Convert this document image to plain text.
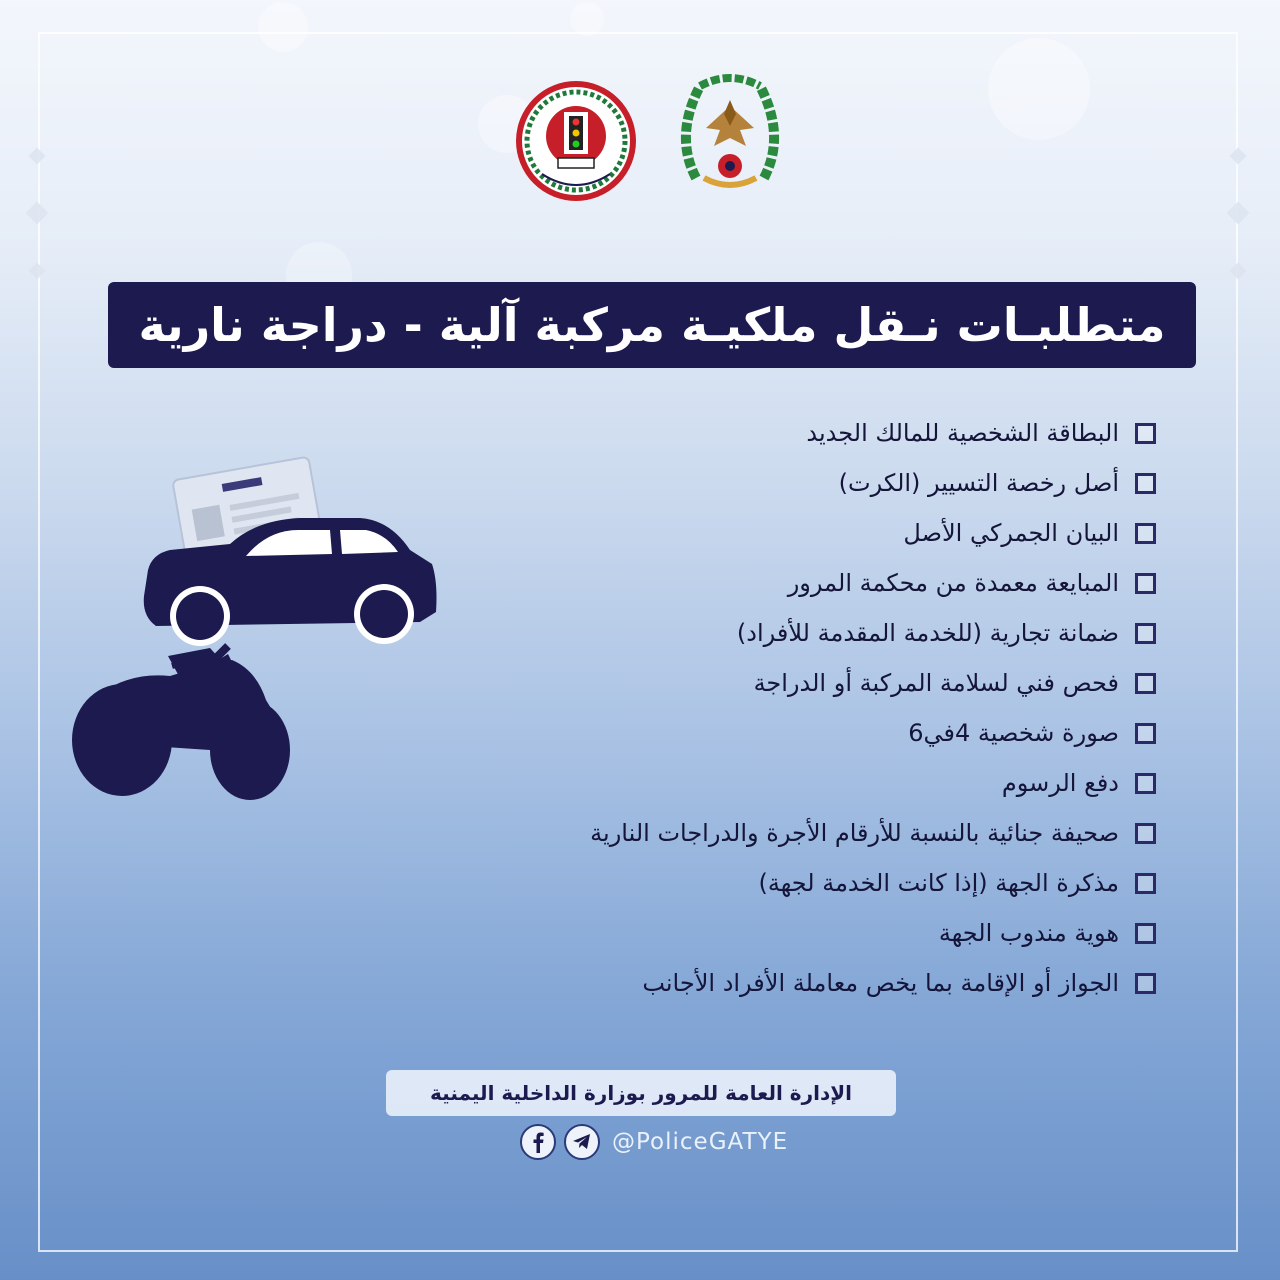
متطلبـات نـقل ملكيـة مركبة آلية - دراجة نارية
البطاقة الشخصية للمالك الجديد
أصل رخصة التسيير (الكرت)
البيان الجمركي الأصل
المبايعة معمدة من محكمة المرور
ضمانة تجارية (للخدمة المقدمة للأفراد)
فحص فني لسلامة المركبة أو الدراجة
صورة شخصية 4في6
دفع الرسوم
صحيفة جنائية بالنسبة للأرقام الأجرة والدراجات النارية
مذكرة الجهة (إذا كانت الخدمة لجهة)
هوية مندوب الجهة
الجواز أو الإقامة بما يخص معاملة الأفراد الأجانب
الإدارة العامة للمرور بوزارة الداخلية اليمنية
@PoliceGATYE
